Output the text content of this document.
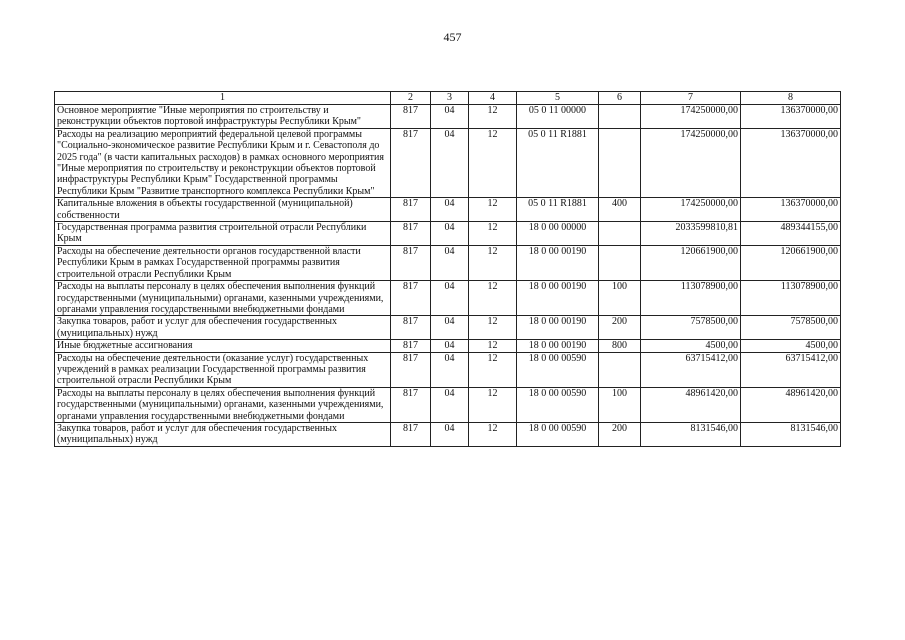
457
1	2	3	4	5	6	7	8
Основное мероприятие "Иные мероприятия по строительству и реконструкции объектов портовой инфраструктуры Республики Крым"	817	04	12	05 0 11 00000		174250000,00	136370000,00
Расходы на реализацию мероприятий федеральной целевой программы "Социально-экономическое развитие Республики Крым и г. Севастополя до 2025 года" (в части капитальных расходов) в рамках основного мероприятия "Иные мероприятия по строительству и реконструкции объектов портовой инфраструктуры Республики Крым" Государственной программы Республики Крым "Развитие транспортного комплекса Республики Крым"	817	04	12	05 0 11 R1881		174250000,00	136370000,00
Капитальные вложения в объекты государственной (муниципальной) собственности	817	04	12	05 0 11 R1881	400	174250000,00	136370000,00
Государственная программа развития строительной отрасли Республики Крым	817	04	12	18 0 00 00000		2033599810,81	489344155,00
Расходы на обеспечение деятельности органов государственной власти Республики Крым в рамках Государственной программы развития строительной отрасли Республики Крым	817	04	12	18 0 00 00190		120661900,00	120661900,00
Расходы на выплаты персоналу в целях обеспечения выполнения функций государственными (муниципальными) органами, казенными учреждениями, органами управления государственными внебюджетными фондами	817	04	12	18 0 00 00190	100	113078900,00	113078900,00
Закупка товаров, работ и услуг для обеспечения государственных (муниципальных) нужд	817	04	12	18 0 00 00190	200	7578500,00	7578500,00
Иные бюджетные ассигнования	817	04	12	18 0 00 00190	800	4500,00	4500,00
Расходы на обеспечение деятельности (оказание услуг) государственных учреждений в рамках реализации Государственной программы развития строительной отрасли Республики Крым	817	04	12	18 0 00 00590		63715412,00	63715412,00
Расходы на выплаты персоналу в целях обеспечения выполнения функций государственными (муниципальными) органами, казенными учреждениями, органами управления государственными внебюджетными фондами	817	04	12	18 0 00 00590	100	48961420,00	48961420,00
Закупка товаров, работ и услуг для обеспечения государственных (муниципальных) нужд	817	04	12	18 0 00 00590	200	8131546,00	8131546,00
